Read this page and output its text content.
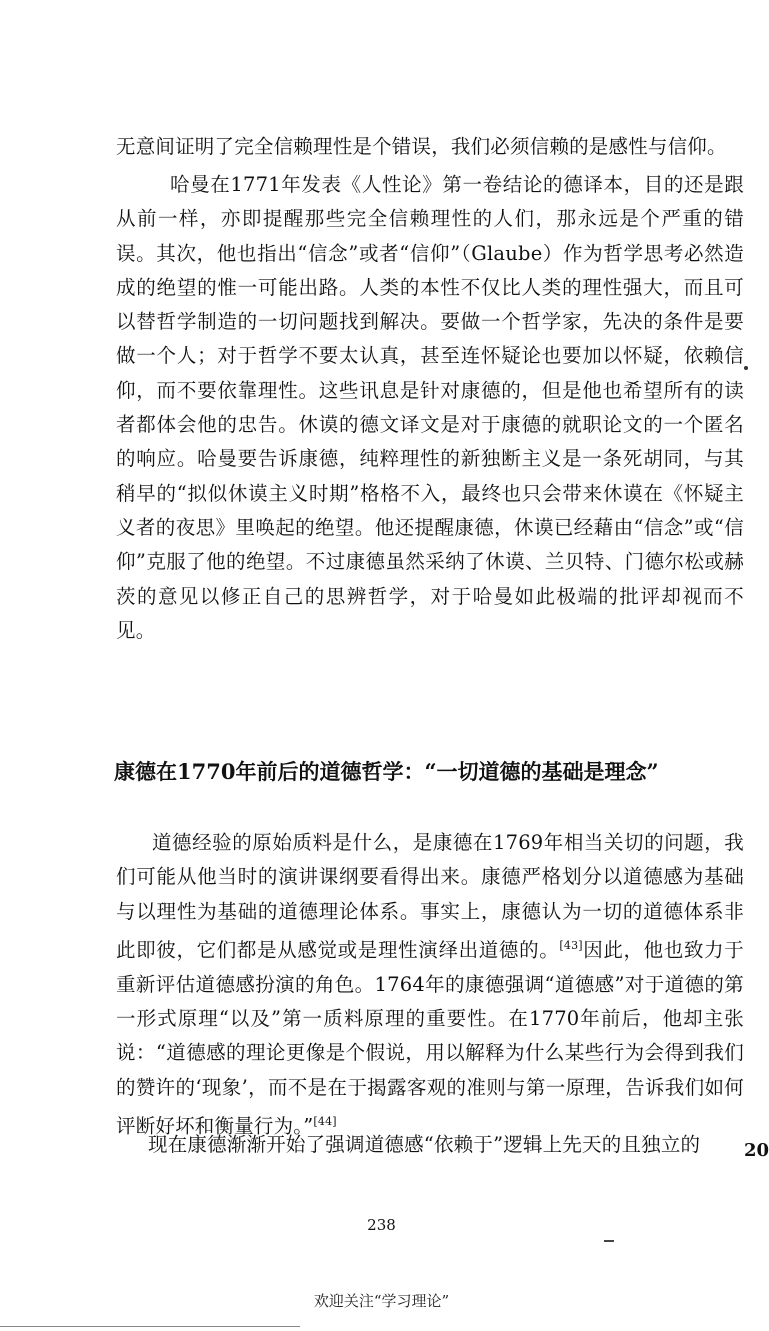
无意间证明了完全信赖理性是个错误，我们必须信赖的是感性与信仰。

哈曼在1771年发表《人性论》第一卷结论的德译本，目的还是跟从前一样，亦即提醒那些完全信赖理性的人们，那永远是个严重的错误。其次，他也指出“信念”或者“信仰”（Glaube）作为哲学思考必然造成的绝望的惟一可能出路。人类的本性不仅比人类的理性强大，而且可以替哲学制造的一切问题找到解决。要做一个哲学家，先决的条件是要做一个人；对于哲学不要太认真，甚至连怀疑论也要加以怀疑，依赖信仰，而不要依靠理性。这些讯息是针对康德的，但是他也希望所有的读者都体会他的忠告。休谟的德文译文是对于康德的就职论文的一个匿名的响应。哈曼要告诉康德，纯粹理性的新独断主义是一条死胡同，与其稍早的“拟似休谟主义时期”格格不入，最终也只会带来休谟在《怀疑主义者的夜思》里唤起的绝望。他还提醒康德，休谟已经藉由“信念”或“信仰”克服了他的绝望。不过康德虽然采纳了休谟、兰贝特、门德尔松或赫茨的意见以修正自己的思辨哲学，对于哈曼如此极端的批评却视而不见。

康德在1770年前后的道德哲学：“一切道德的基础是理念”

道德经验的原始质料是什么，是康德在1769年相当关切的问题，我们可能从他当时的演讲课纲要看得出来。康德严格划分以道德感为基础与以理性为基础的道德理论体系。事实上，康德认为一切的道德体系非此即彼，它们都是从感觉或是理性演绎出道德的。[43]因此，他也致力于重新评估道德感扮演的角色。1764年的康德强调“道德感”对于道德的第一形式原理“以及”第一质料原理的重要性。在1770年前后，他却主张说：“道德感的理论更像是个假说，用以解释为什么某些行为会得到我们的赞许的‘现象’，而不是在于揭露客观的准则与第一原理，告诉我们如何评断好坏和衡量行为。”[44]

现在康德渐渐开始了强调道德感“依赖于”逻辑上先天的且独立的	20
238
欢迎关注“学习理论”
